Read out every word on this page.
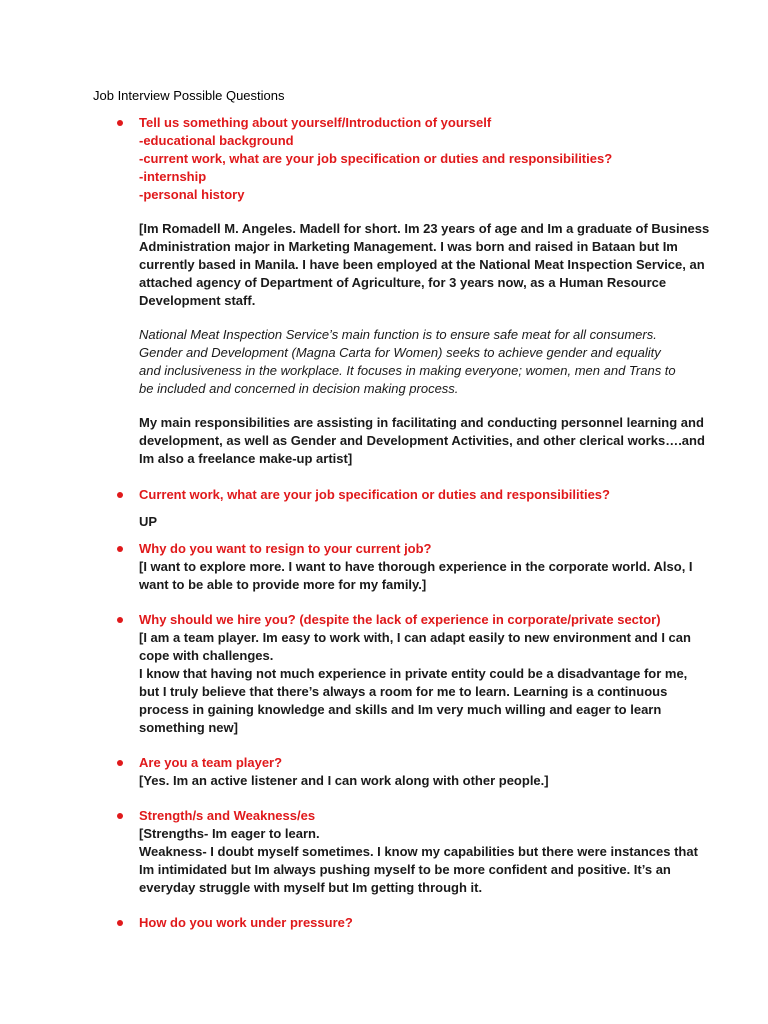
Job Interview Possible Questions
Tell us something about yourself/Introduction of yourself
-educational background
-current work, what are your job specification or duties and responsibilities?
-internship
-personal history
[Im Romadell M. Angeles. Madell for short. Im 23 years of age and Im a graduate of Business
Administration major in Marketing Management. I was born and raised in Bataan but Im
currently based in Manila. I have been employed at the National Meat Inspection Service, an
attached agency of Department of Agriculture, for 3 years now, as a Human Resource
Development staff.
National Meat Inspection Service’s main function is to ensure safe meat for all consumers.
Gender and Development (Magna Carta for Women) seeks to achieve gender and equality
and inclusiveness in the workplace. It focuses in making everyone; women, men and Trans to
be included and concerned in decision making process.
My main responsibilities are assisting in facilitating and conducting personnel learning and
development, as well as Gender and Development Activities, and other clerical works….and
Im also a freelance make-up artist]
Current work, what are your job specification or duties and responsibilities?
UP
Why do you want to resign to your current job?
[I want to explore more. I want to have thorough experience in the corporate world. Also, I
want to be able to provide more for my family.]
Why should we hire you? (despite the lack of experience in corporate/private sector)
[I am a team player. Im easy to work with, I can adapt easily to new environment and I can
cope with challenges.
I know that having not much experience in private entity could be a disadvantage for me,
but I truly believe that there’s always a room for me to learn. Learning is a continuous
process in gaining knowledge and skills and Im very much willing and eager to learn
something new]
Are you a team player?
[Yes. Im an active listener and I can work along with other people.]
Strength/s and Weakness/es
[Strengths- Im eager to learn.
Weakness- I doubt myself sometimes. I know my capabilities but there were instances that
Im intimidated but Im always pushing myself to be more confident and positive. It’s an
everyday struggle with myself but Im getting through it.
How do you work under pressure?
